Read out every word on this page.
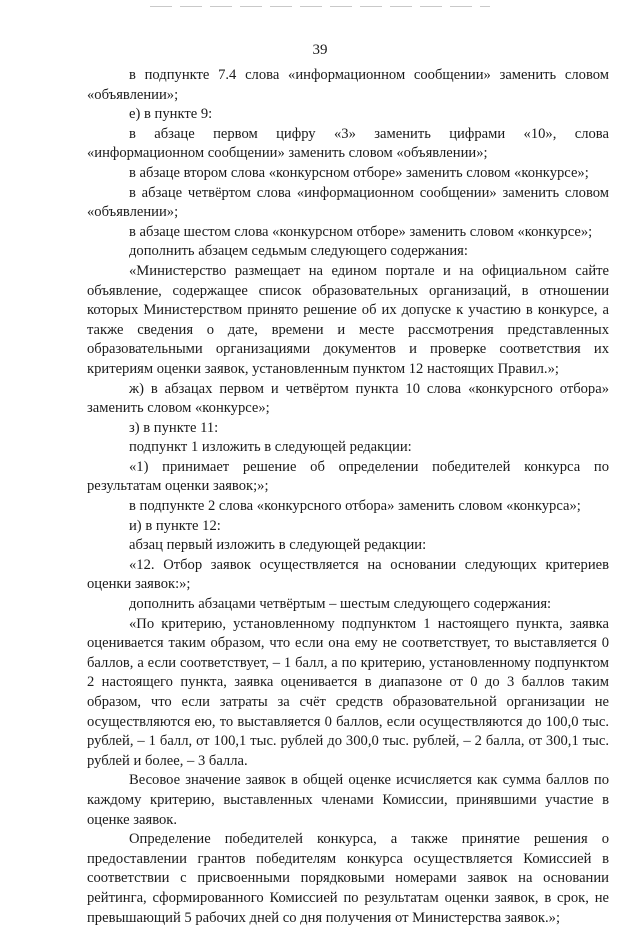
39

в подпункте 7.4 слова «информационном сообщении» заменить словом «объявлении»;

е) в пункте 9:

в абзаце первом цифру «3» заменить цифрами «10», слова «информационном сообщении» заменить словом «объявлении»;

в абзаце втором слова «конкурсном отборе» заменить словом «конкурсе»;

в абзаце четвёртом слова «информационном сообщении» заменить словом «объявлении»;

в абзаце шестом слова «конкурсном отборе» заменить словом «конкурсе»;

дополнить абзацем седьмым следующего содержания:

«Министерство размещает на едином портале и на официальном сайте объявление, содержащее список образовательных организаций, в отношении которых Министерством принято решение об их допуске к участию в конкурсе, а также сведения о дате, времени и месте рассмотрения представленных образовательными организациями документов и проверке соответствия их критериям оценки заявок, установленным пунктом 12 настоящих Правил.»;

ж) в абзацах первом и четвёртом пункта 10 слова «конкурсного отбора» заменить словом «конкурсе»;

з) в пункте 11:

подпункт 1 изложить в следующей редакции:

«1) принимает решение об определении победителей конкурса по результатам оценки заявок;»;

в подпункте 2 слова «конкурсного отбора» заменить словом «конкурса»;

и) в пункте 12:

абзац первый изложить в следующей редакции:

«12. Отбор заявок осуществляется на основании следующих критериев оценки заявок:»;

дополнить абзацами четвёртым – шестым следующего содержания:

«По критерию, установленному подпунктом 1 настоящего пункта, заявка оценивается таким образом, что если она ему не соответствует, то выставляется 0 баллов, а если соответствует, – 1 балл, а по критерию, установленному подпунктом 2 настоящего пункта, заявка оценивается в диапазоне от 0 до 3 баллов таким образом, что если затраты за счёт средств образовательной организации не осуществляются ею, то выставляется 0 баллов, если осуществляются до 100,0 тыс. рублей, – 1 балл, от 100,1 тыс. рублей до 300,0 тыс. рублей, – 2 балла, от 300,1 тыс. рублей и более, – 3 балла.

Весовое значение заявок в общей оценке исчисляется как сумма баллов по каждому критерию, выставленных членами Комиссии, принявшими участие в оценке заявок.

Определение победителей конкурса, а также принятие решения о предоставлении грантов победителям конкурса осуществляется Комиссией в соответствии с присвоенными порядковыми номерами заявок на основании рейтинга, сформированного Комиссией по результатам оценки заявок, в срок, не превышающий 5 рабочих дней со дня получения от Министерства заявок.»;
